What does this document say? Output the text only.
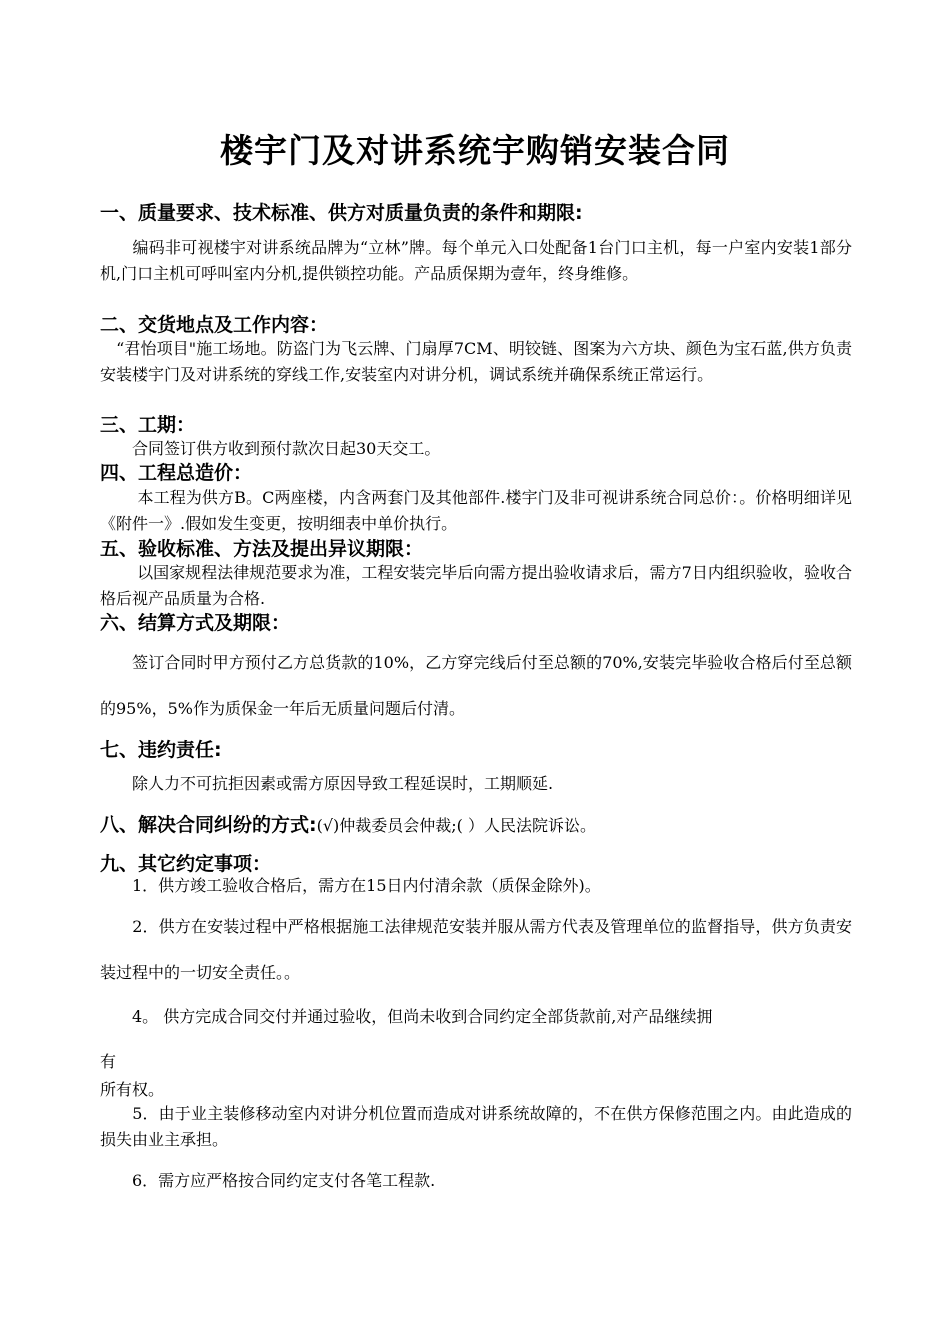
楼宇门及对讲系统宇购销安装合同
一、质量要求、技术标准、供方对质量负责的条件和期限:

　　编码非可视楼宇对讲系统品牌为“立林”牌。每个单元入口处配备1台门口主机，每一户室内安装1部分机,门口主机可呼叫室内分机,提供锁控功能。产品质保期为壹年，终身维修。

二、交货地点及工作内容：

　“君怡项目"施工场地。防盗门为飞云牌、门扇厚7CM、明铰链、图案为六方块、颜色为宝石蓝,供方负责安装楼宇门及对讲系统的穿线工作,安装室内对讲分机，调试系统并确保系统正常运行。

三、工期：

　　合同签订供方收到预付款次日起30天交工。

四、工程总造价：

　　 本工程为供方B。C两座楼，内含两套门及其他部件.楼宇门及非可视讲系统合同总价：。价格明细详见《附件一》.假如发生变更，按明细表中单价执行。

五、验收标准、方法及提出异议期限：

　　 以国家规程法律规范要求为准，工程安装完毕后向需方提出验收请求后，需方7日内组织验收，验收合格后视产品质量为合格.

六、结算方式及期限：

　　签订合同时甲方预付乙方总货款的10%，乙方穿完线后付至总额的70%,安装完毕验收合格后付至总额的95%，5%作为质保金一年后无质量问题后付清。

七、违约责任:

　　除人力不可抗拒因素或需方原因导致工程延误时，工期顺延.

八、解决合同纠纷的方式:(√)仲裁委员会仲裁;( ）人民法院诉讼。
九、其它约定事项：

　　1．供方竣工验收合格后，需方在15日内付清余款（质保金除外)。

　　2．供方在安装过程中严格根据施工法律规范安装并服从需方代表及管理单位的监督指导，供方负责安装过程中的一切安全责任。。

　　4。 供方完成合同交付并通过验收，但尚未收到合同约定全部货款前,对产品继续拥

有

所有权。

　　5．由于业主装修移动室内对讲分机位置而造成对讲系统故障的，不在供方保修范围之内。由此造成的损失由业主承担。

　　6．需方应严格按合同约定支付各笔工程款.
